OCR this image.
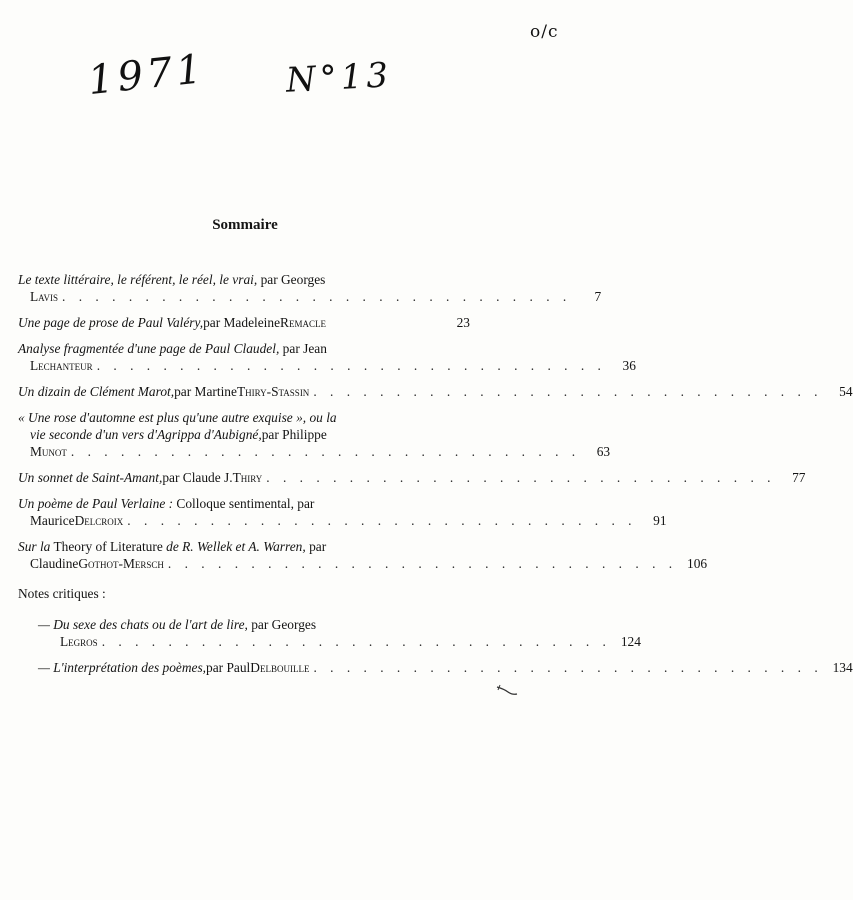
1971 N°13
o/c
Sommaire
Le texte littéraire, le référent, le réel, le vrai, par Georges
Lavis . . . . . . . . . . . . . . . . . . . . . . . . . . . . . . .	7
Une page de prose de Paul Valéry, par Madeleine Remacle	23
Analyse fragmentée d'une page de Paul Claudel, par Jean
Lechanteur . . . . . . . . . . . . . . . . . . . . . . . . . . . . . . .	36
Un dizain de Clément Marot, par Martine Thiry-Stassin . . . . . . . . . . . . . . . . . . . . . . . . . . . . . . .	54
« Une rose d'automne est plus qu'une autre exquise », ou la
vie seconde d'un vers d'Agrippa d'Aubigné, par Philippe
Munot . . . . . . . . . . . . . . . . . . . . . . . . . . . . . . .	63
Un sonnet de Saint-Amant, par Claude J. Thiry . . . . . . . . . . . . . . . . . . . . . . . . . . . . . . .	77
Un poème de Paul Verlaine : Colloque sentimental, par
Maurice Delcroix . . . . . . . . . . . . . . . . . . . . . . . . . . . . . . .	91
Sur la Theory of Literature de R. Wellek et A. Warren, par
Claudine Gothot-Mersch . . . . . . . . . . . . . . . . . . . . . . . . . . . . . . . 106
Notes critiques :
— Du sexe des chats ou de l'art de lire, par Georges
Legros . . . . . . . . . . . . . . . . . . . . . . . . . . . . . . . 124
— L'interprétation des poèmes, par Paul Delbouille . . . . . . . . . . . . . . . . . . . . . . . . . . . . . . . 134
